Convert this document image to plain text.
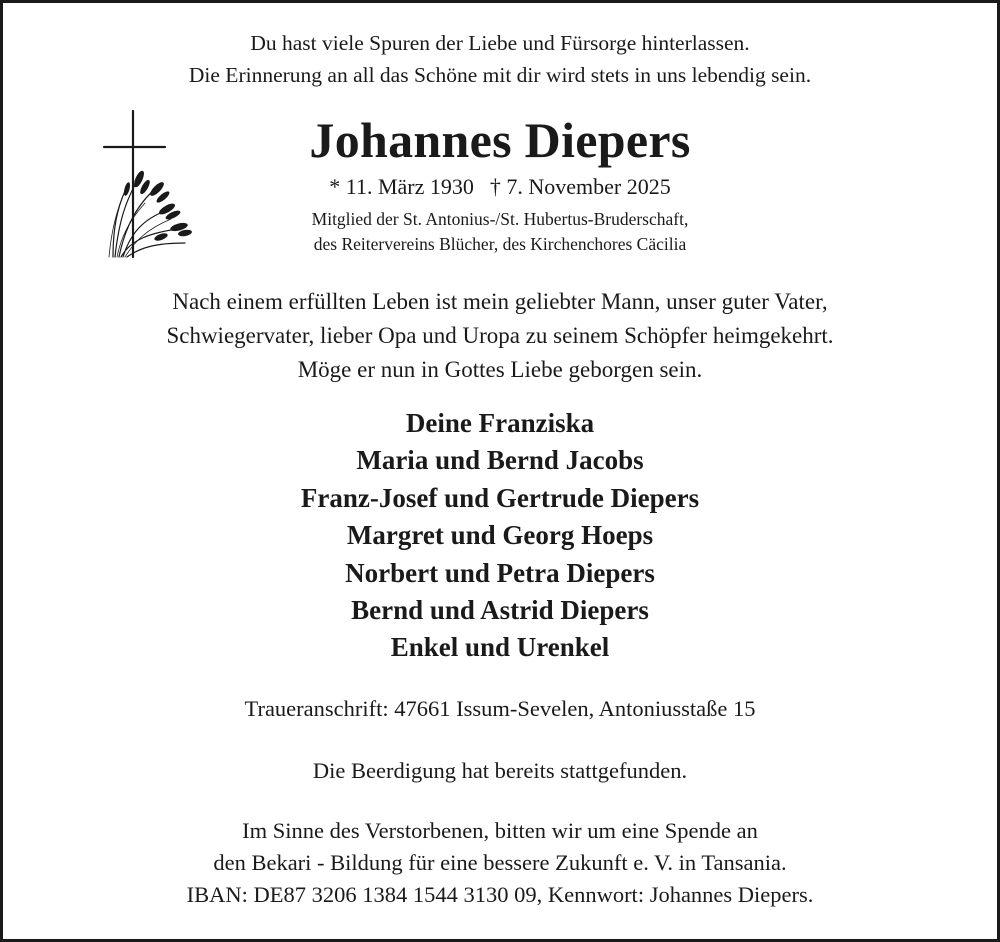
Du hast viele Spuren der Liebe und Fürsorge hinterlassen.
Die Erinnerung an all das Schöne mit dir wird stets in uns lebendig sein.
Johannes Diepers
* 11. März 1930 † 7. November 2025
Mitglied der St. Antonius-/St. Hubertus-Bruderschaft,
des Reitervereins Blücher, des Kirchenchores Cäcilia
Nach einem erfüllten Leben ist mein geliebter Mann, unser guter Vater,
Schwiegervater, lieber Opa und Uropa zu seinem Schöpfer heimgekehrt.
Möge er nun in Gottes Liebe geborgen sein.
Deine Franziska
Maria und Bernd Jacobs
Franz-Josef und Gertrude Diepers
Margret und Georg Hoeps
Norbert und Petra Diepers
Bernd und Astrid Diepers
Enkel und Urenkel
Traueranschrift: 47661 Issum-Sevelen, Antoniusstaße 15
Die Beerdigung hat bereits stattgefunden.
Im Sinne des Verstorbenen, bitten wir um eine Spende an
den Bekari - Bildung für eine bessere Zukunft e. V. in Tansania.
IBAN: DE87 3206 1384 1544 3130 09, Kennwort: Johannes Diepers.
